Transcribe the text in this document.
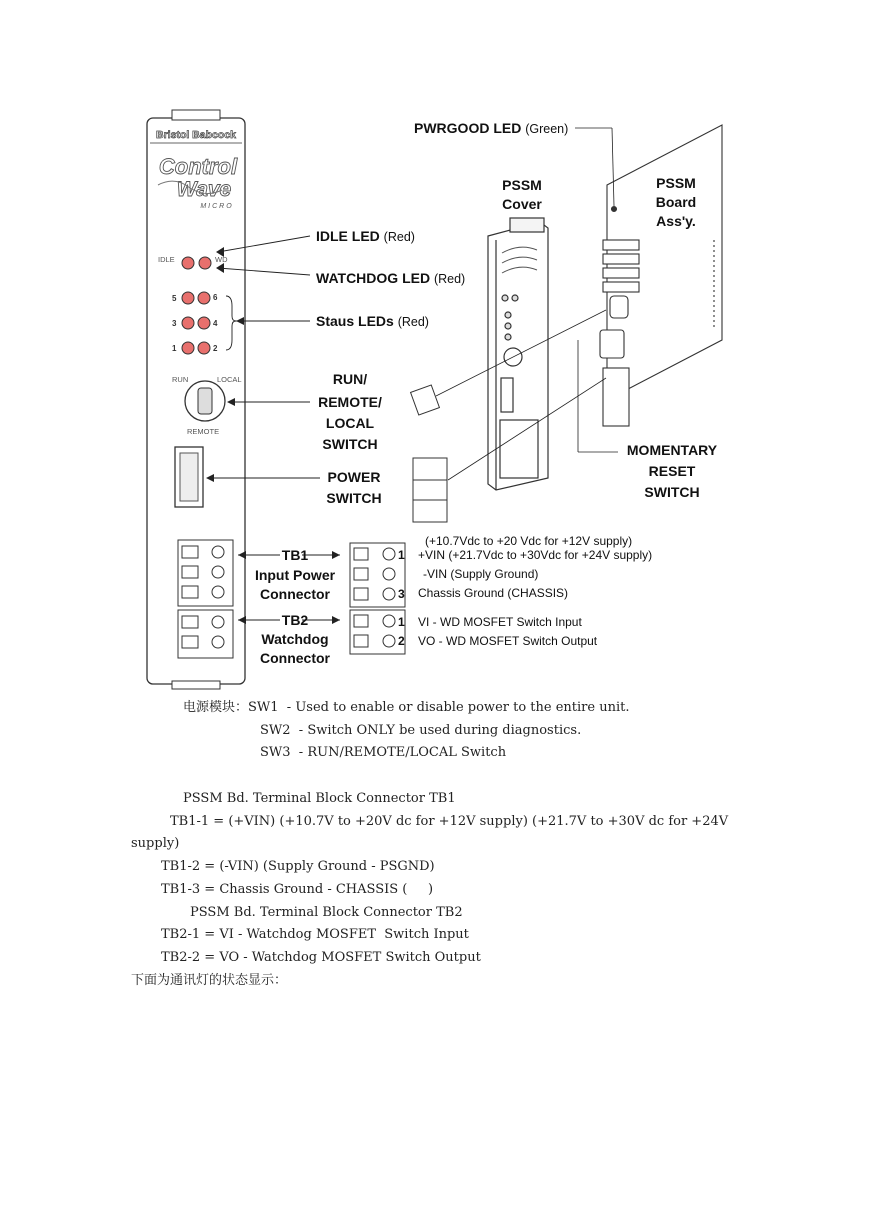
Bristol Babcock
Control
Wave
MICRO
IDLE	WD
5	6
3	4
1	2
RUN	LOCAL
REMOTE
IDLE LED (Red)
WATCHDOG LED (Red)
Staus LEDs (Red)
RUN/
REMOTE/
LOCAL
SWITCH
POWER
SWITCH
TB1
Input Power
Connector
TB2
Watchdog
Connector
1
3
1
2
(+10.7Vdc to +20 Vdc for +12V supply)
+VIN (+21.7Vdc to +30Vdc for +24V supply)
-VIN (Supply Ground)
Chassis Ground (CHASSIS)
VI - WD MOSFET Switch Input
VO - WD MOSFET Switch Output
PWRGOOD LED (Green)
PSSM
Cover
PSSM
Board
Ass'y.
MOMENTARY
RESET
SWITCH
电源模块：SW1  - Used to enable or disable power to the entire unit.
SW2  - Switch ONLY be used during diagnostics.
SW3  - RUN/REMOTE/LOCAL Switch
PSSM Bd. Terminal Block Connector TB1
TB1-1 = (+VIN) (+10.7V to +20V dc for +12V supply) (+21.7V to +30V dc for +24V
supply)
TB1-2 = (-VIN) (Supply Ground - PSGND)
TB1-3 = Chassis Ground - CHASSIS (     )
PSSM Bd. Terminal Block Connector TB2
TB2-1 = VI - Watchdog MOSFET  Switch Input
TB2-2 = VO - Watchdog MOSFET Switch Output
下面为通讯灯的状态显示：
